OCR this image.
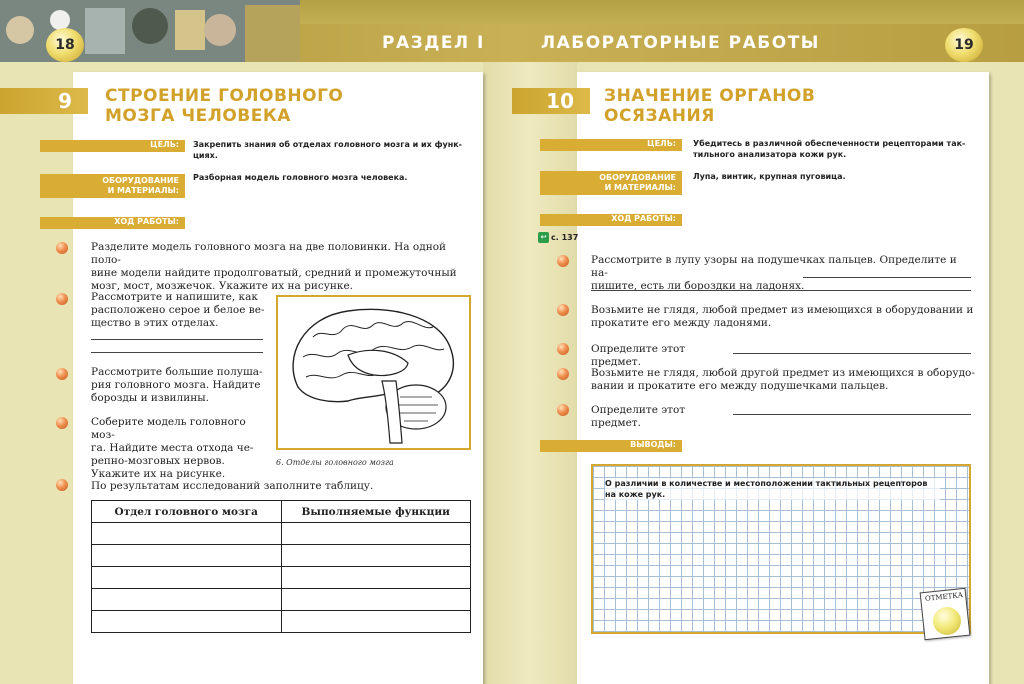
18	19
РАЗДЕЛ I	ЛАБОРАТОРНЫЕ РАБОТЫ
9	СТРОЕНИЕ ГОЛОВНОГО
МОЗГА ЧЕЛОВЕКА
ЦЕЛЬ:	Закрепить знания об отделах головного мозга и их функ-
циях.
ОБОРУДОВАНИЕ
И МАТЕРИАЛЫ:
Разборная модель головного мозга человека.
ХОД РАБОТЫ:
Разделите модель головного мозга на две половинки. На одной поло-
вине модели найдите продолговатый, средний и промежуточный
мозг, мост, мозжечок. Укажите их на рисунке.
Рассмотрите и напишите, как
расположено серое и белое ве-
щество в этих отделах.
Рассмотрите большие полуша-
рия головного мозга. Найдите
борозды и извилины.
Соберите модель головного моз-
га. Найдите места отхода че-
репно-мозговых нервов.
Укажите их на рисунке.
6. Отделы головного мозга
По результатам исследований заполните таблицу.
Отдел головного мозга	Выполняемые функции

10	ЗНАЧЕНИЕ ОРГАНОВ
ОСЯЗАНИЯ
ЦЕЛЬ:	Убедитесь в различной обеспеченности рецепторами так-
тильного анализатора кожи рук.
ОБОРУДОВАНИЕ
И МАТЕРИАЛЫ:
Лупа, винтик, крупная пуговица.
ХОД РАБОТЫ:
↩ с. 137
Рассмотрите в лупу узоры на подушечках пальцев. Определите и на-
пишите, есть ли бороздки на ладонях.
Возьмите не глядя, любой предмет из имеющихся в оборудовании и
прокатите его между ладонями.
Определите этот предмет.
Возьмите не глядя, любой другой предмет из имеющихся в оборудо-
вании и прокатите его между подушечками пальцев.
Определите этот предмет.
ВЫВОДЫ:
О различии в количестве и местоположении тактильных рецепторов
на коже рук.
ОТМЕТКА
